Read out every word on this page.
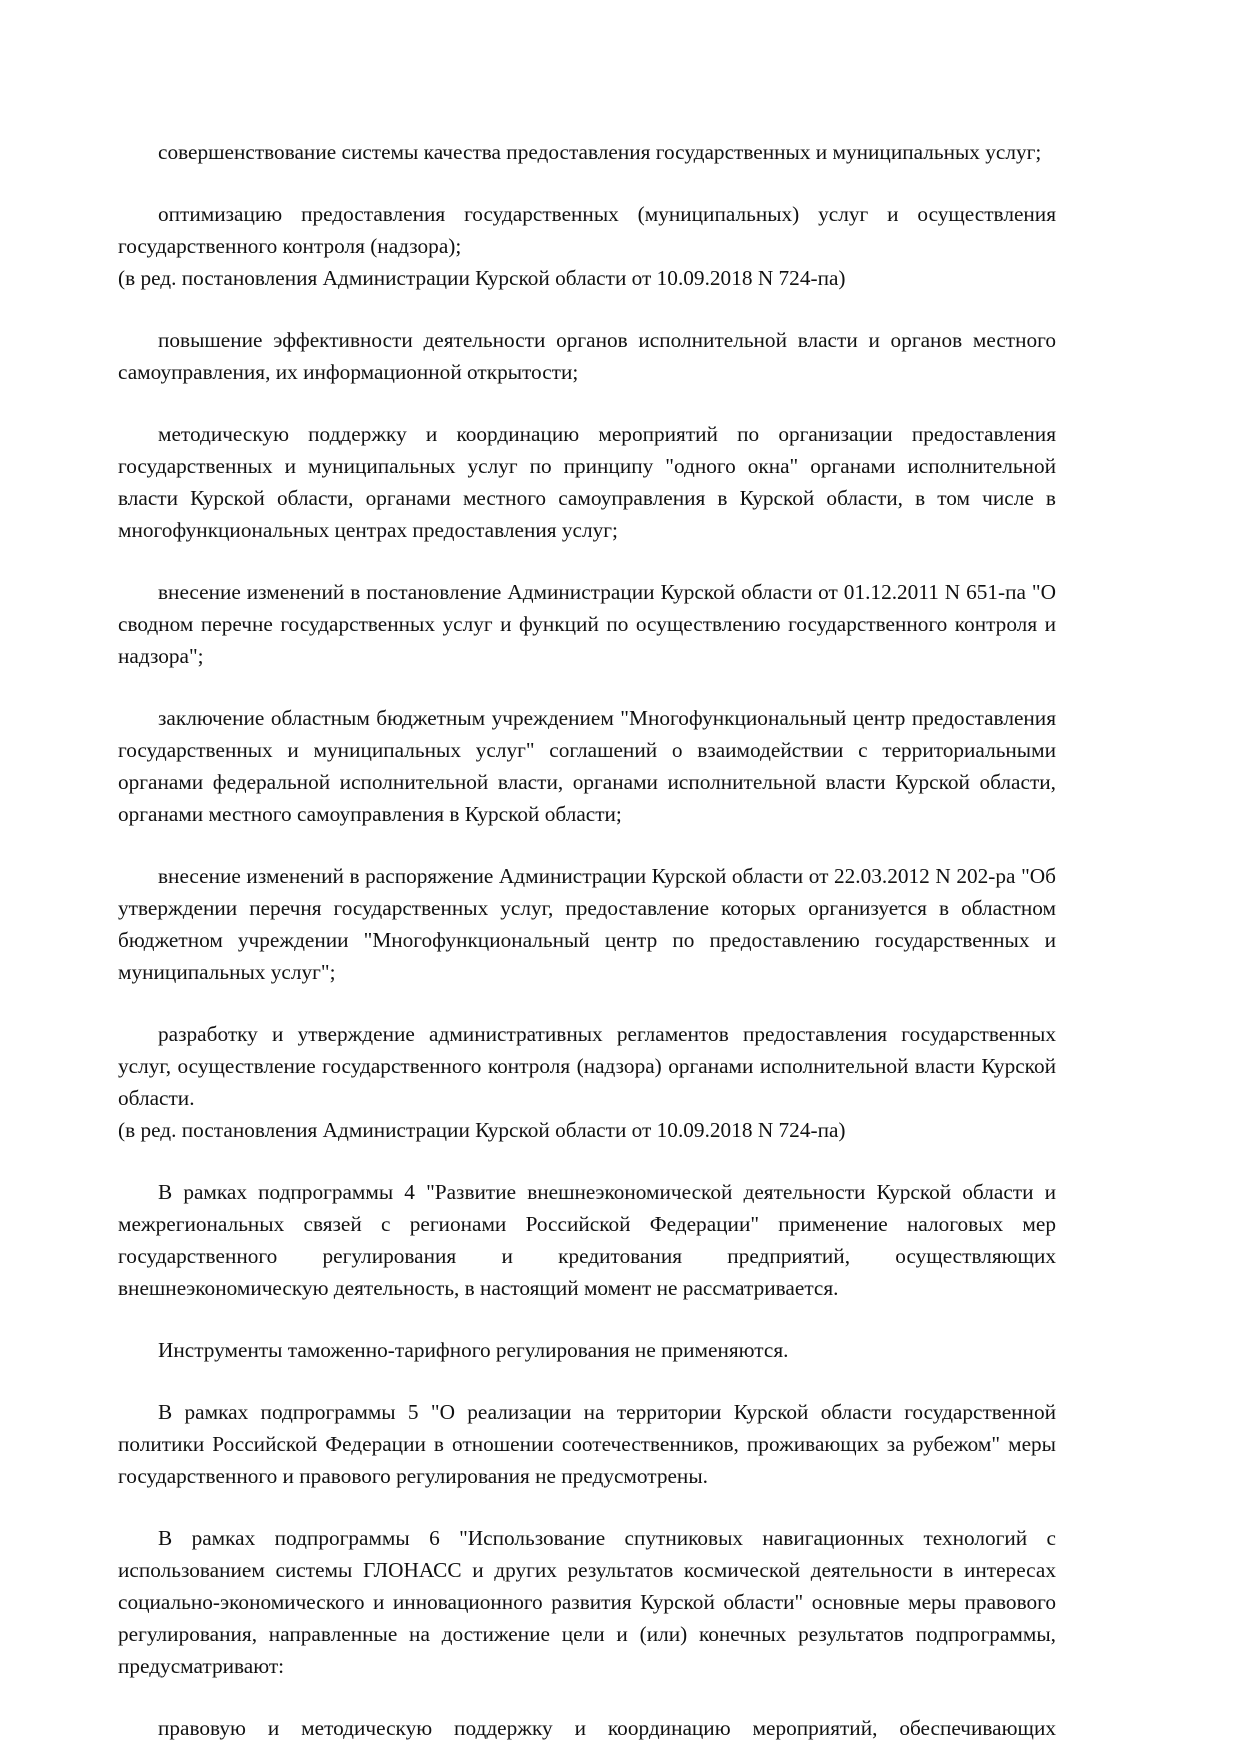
совершенствование системы качества предоставления государственных и муниципальных услуг;

оптимизацию предоставления государственных (муниципальных) услуг и осуществления государственного контроля (надзора);

(в ред. постановления Администрации Курской области от 10.09.2018 N 724-па)

повышение эффективности деятельности органов исполнительной власти и органов местного самоуправления, их информационной открытости;

методическую поддержку и координацию мероприятий по организации предоставления государственных и муниципальных услуг по принципу "одного окна" органами исполнительной власти Курской области, органами местного самоуправления в Курской области, в том числе в многофункциональных центрах предоставления услуг;

внесение изменений в постановление Администрации Курской области от 01.12.2011 N 651-па "О сводном перечне государственных услуг и функций по осуществлению государственного контроля и надзора";

заключение областным бюджетным учреждением "Многофункциональный центр предоставления государственных и муниципальных услуг" соглашений о взаимодействии с территориальными органами федеральной исполнительной власти, органами исполнительной власти Курской области, органами местного самоуправления в Курской области;

внесение изменений в распоряжение Администрации Курской области от 22.03.2012 N 202-ра "Об утверждении перечня государственных услуг, предоставление которых организуется в областном бюджетном учреждении "Многофункциональный центр по предоставлению государственных и муниципальных услуг";

разработку и утверждение административных регламентов предоставления государственных услуг, осуществление государственного контроля (надзора) органами исполнительной власти Курской области.

(в ред. постановления Администрации Курской области от 10.09.2018 N 724-па)

В рамках подпрограммы 4 "Развитие внешнеэкономической деятельности Курской области и межрегиональных связей с регионами Российской Федерации" применение налоговых мер государственного регулирования и кредитования предприятий, осуществляющих внешнеэкономическую деятельность, в настоящий момент не рассматривается.

Инструменты таможенно-тарифного регулирования не применяются.

В рамках подпрограммы 5 "О реализации на территории Курской области государственной политики Российской Федерации в отношении соотечественников, проживающих за рубежом" меры государственного и правового регулирования не предусмотрены.

В рамках подпрограммы 6 "Использование спутниковых навигационных технологий с использованием системы ГЛОНАСС и других результатов космической деятельности в интересах социально-экономического и инновационного развития Курской области" основные меры правового регулирования, направленные на достижение цели и (или) конечных результатов подпрограммы, предусматривают:

правовую и методическую поддержку и координацию мероприятий, обеспечивающих
